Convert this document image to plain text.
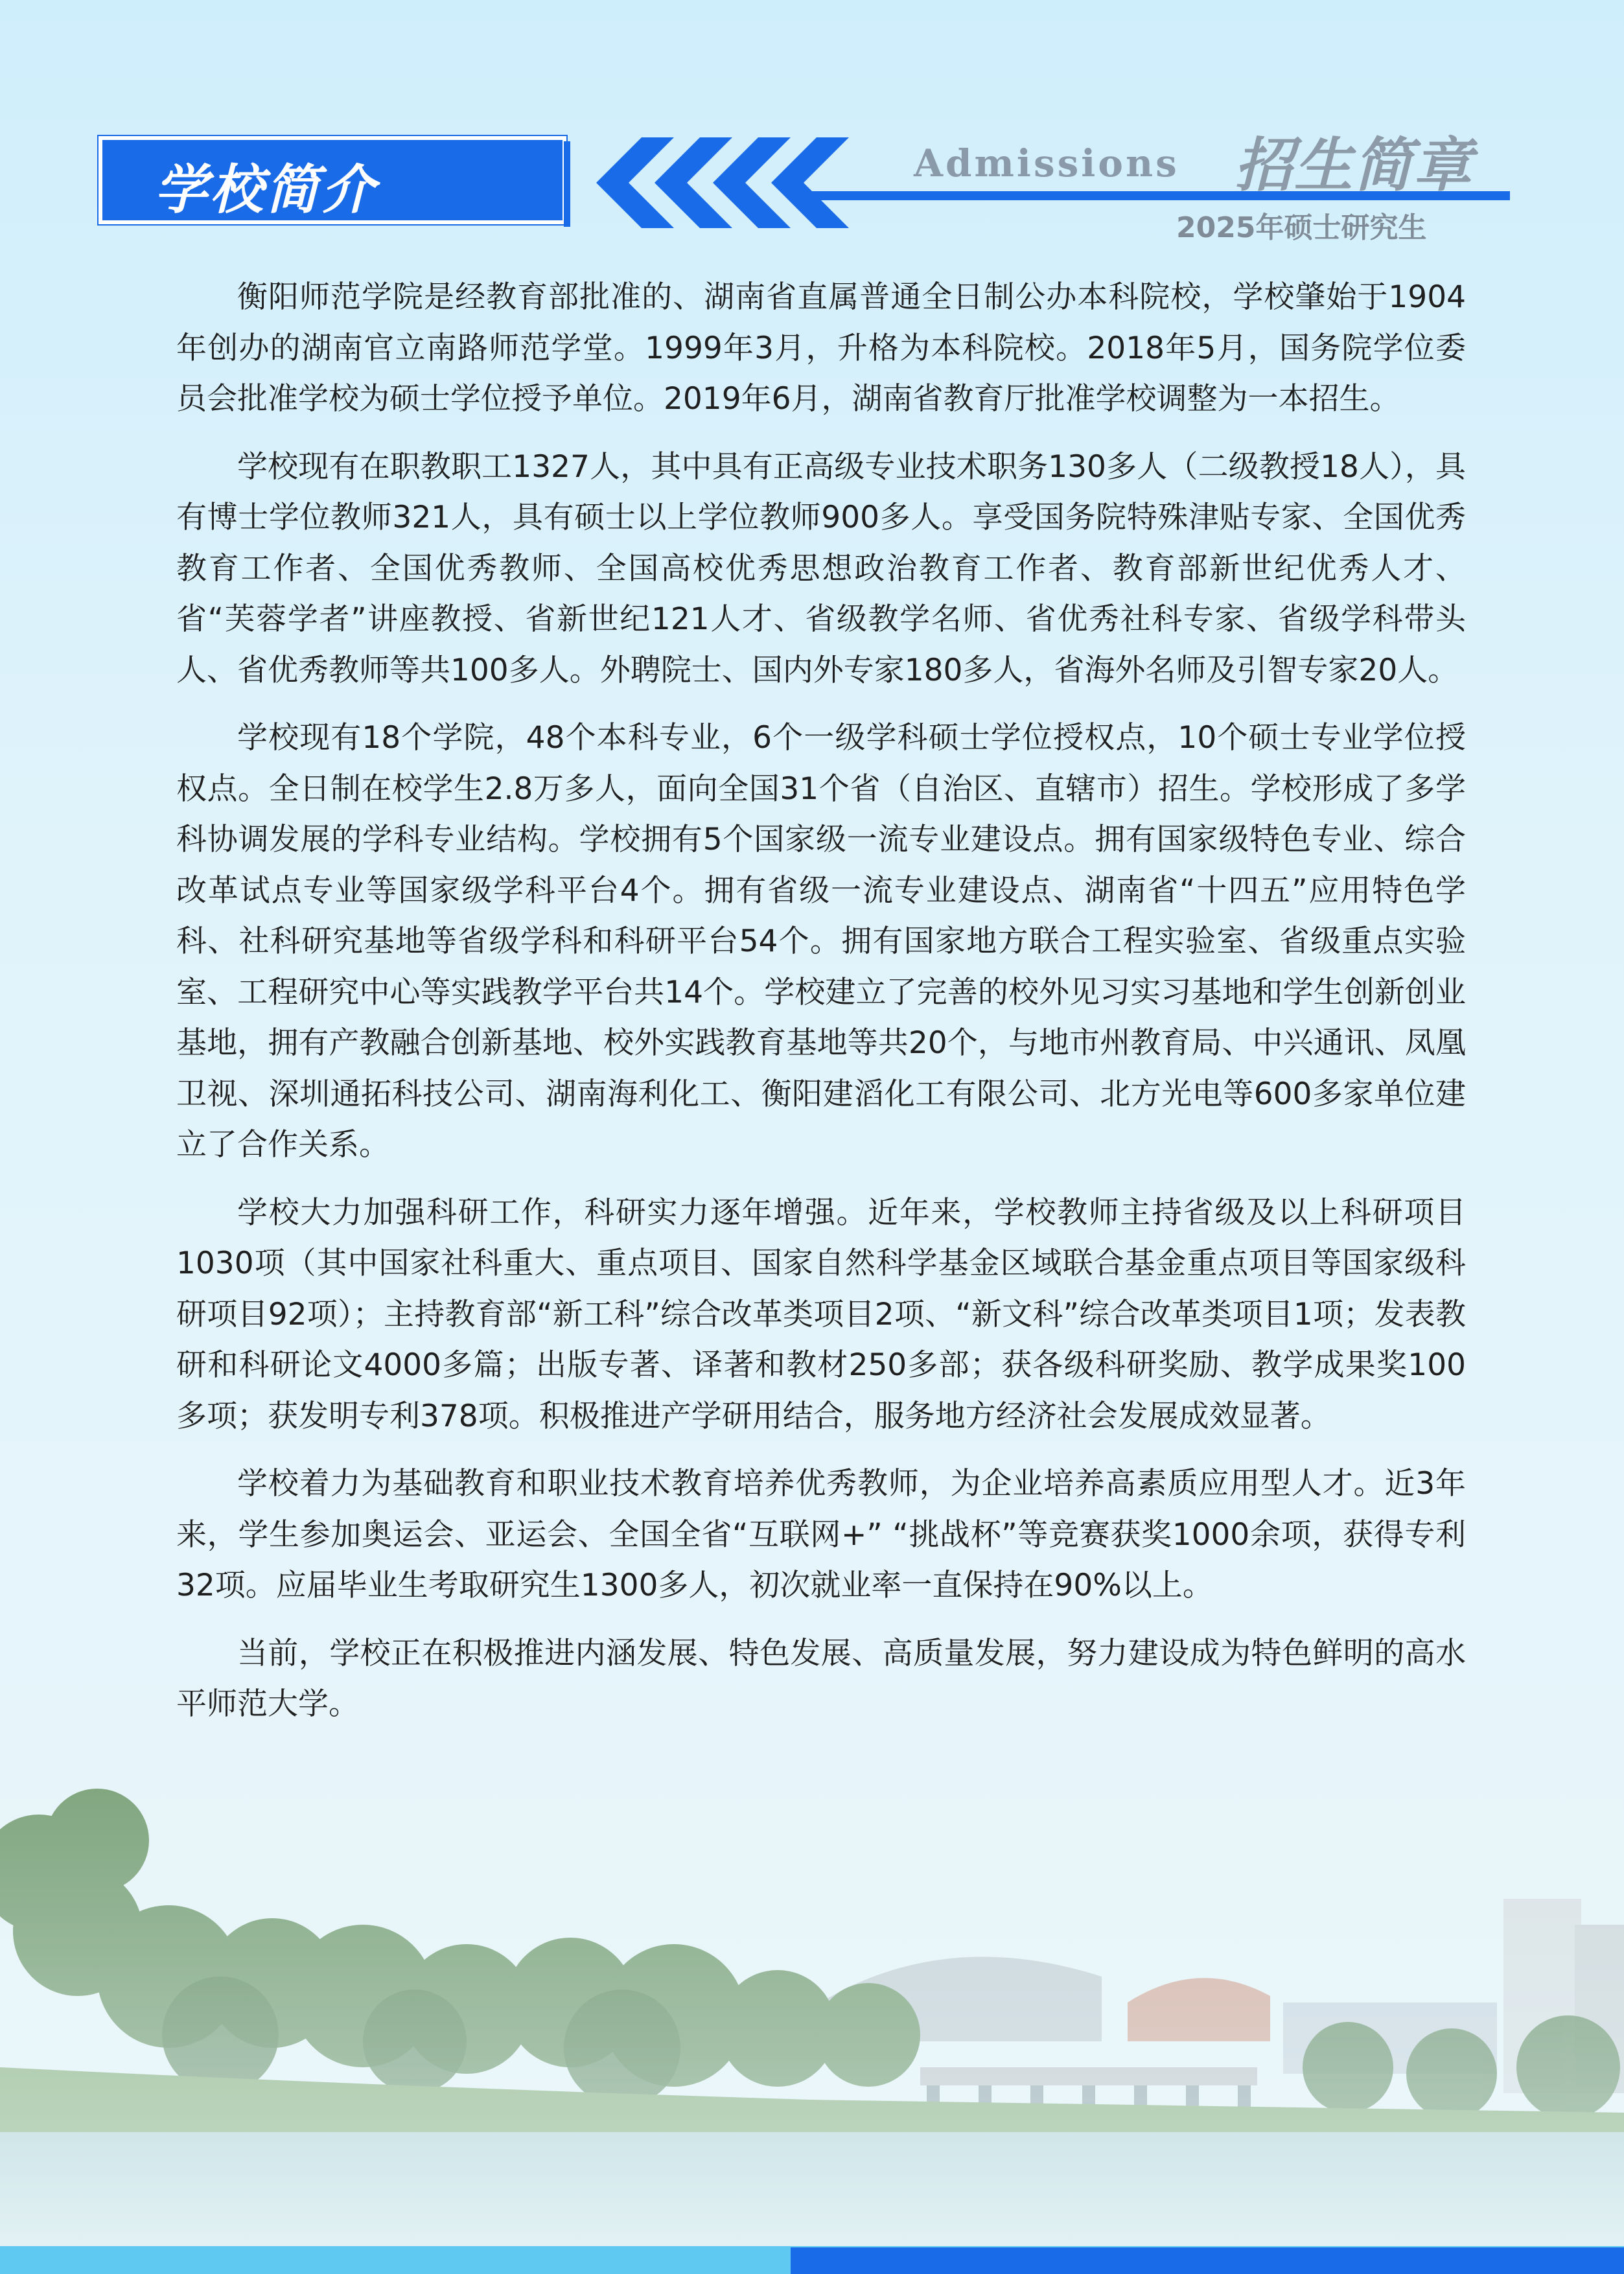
学校简介	Admissions 招生简章
2025年硕士研究生

衡阳师范学院是经教育部批准的、湖南省直属普通全日制公办本科院校，学校肇始于1904年创办的湖南官立南路师范学堂。1999年3月，升格为本科院校。2018年5月，国务院学位委员会批准学校为硕士学位授予单位。2019年6月，湖南省教育厅批准学校调整为一本招生。

学校现有在职教职工1327人，其中具有正高级专业技术职务130多人（二级教授18人），具有博士学位教师321人，具有硕士以上学位教师900多人。享受国务院特殊津贴专家、全国优秀教育工作者、全国优秀教师、全国高校优秀思想政治教育工作者、教育部新世纪优秀人才、省“芙蓉学者”讲座教授、省新世纪121人才、省级教学名师、省优秀社科专家、省级学科带头人、省优秀教师等共100多人。外聘院士、国内外专家180多人，省海外名师及引智专家20人。

学校现有18个学院，48个本科专业，6个一级学科硕士学位授权点，10个硕士专业学位授权点。全日制在校学生2.8万多人，面向全国31个省（自治区、直辖市）招生。学校形成了多学科协调发展的学科专业结构。学校拥有5个国家级一流专业建设点。拥有国家级特色专业、综合改革试点专业等国家级学科平台4个。拥有省级一流专业建设点、湖南省“十四五”应用特色学科、社科研究基地等省级学科和科研平台54个。拥有国家地方联合工程实验室、省级重点实验室、工程研究中心等实践教学平台共14个。学校建立了完善的校外见习实习基地和学生创新创业基地，拥有产教融合创新基地、校外实践教育基地等共20个，与地市州教育局、中兴通讯、凤凰卫视、深圳通拓科技公司、湖南海利化工、衡阳建滔化工有限公司、北方光电等600多家单位建立了合作关系。

学校大力加强科研工作，科研实力逐年增强。近年来，学校教师主持省级及以上科研项目1030项（其中国家社科重大、重点项目、国家自然科学基金区域联合基金重点项目等国家级科研项目92项）；主持教育部“新工科”综合改革类项目2项、“新文科”综合改革类项目1项；发表教研和科研论文4000多篇；出版专著、译著和教材250多部；获各级科研奖励、教学成果奖100多项；获发明专利378项。积极推进产学研用结合，服务地方经济社会发展成效显著。

学校着力为基础教育和职业技术教育培养优秀教师，为企业培养高素质应用型人才。近3年来，学生参加奥运会、亚运会、全国全省“互联网+” “挑战杯”等竞赛获奖1000余项，获得专利32项。应届毕业生考取研究生1300多人，初次就业率一直保持在90%以上。

当前，学校正在积极推进内涵发展、特色发展、高质量发展，努力建设成为特色鲜明的高水平师范大学。
